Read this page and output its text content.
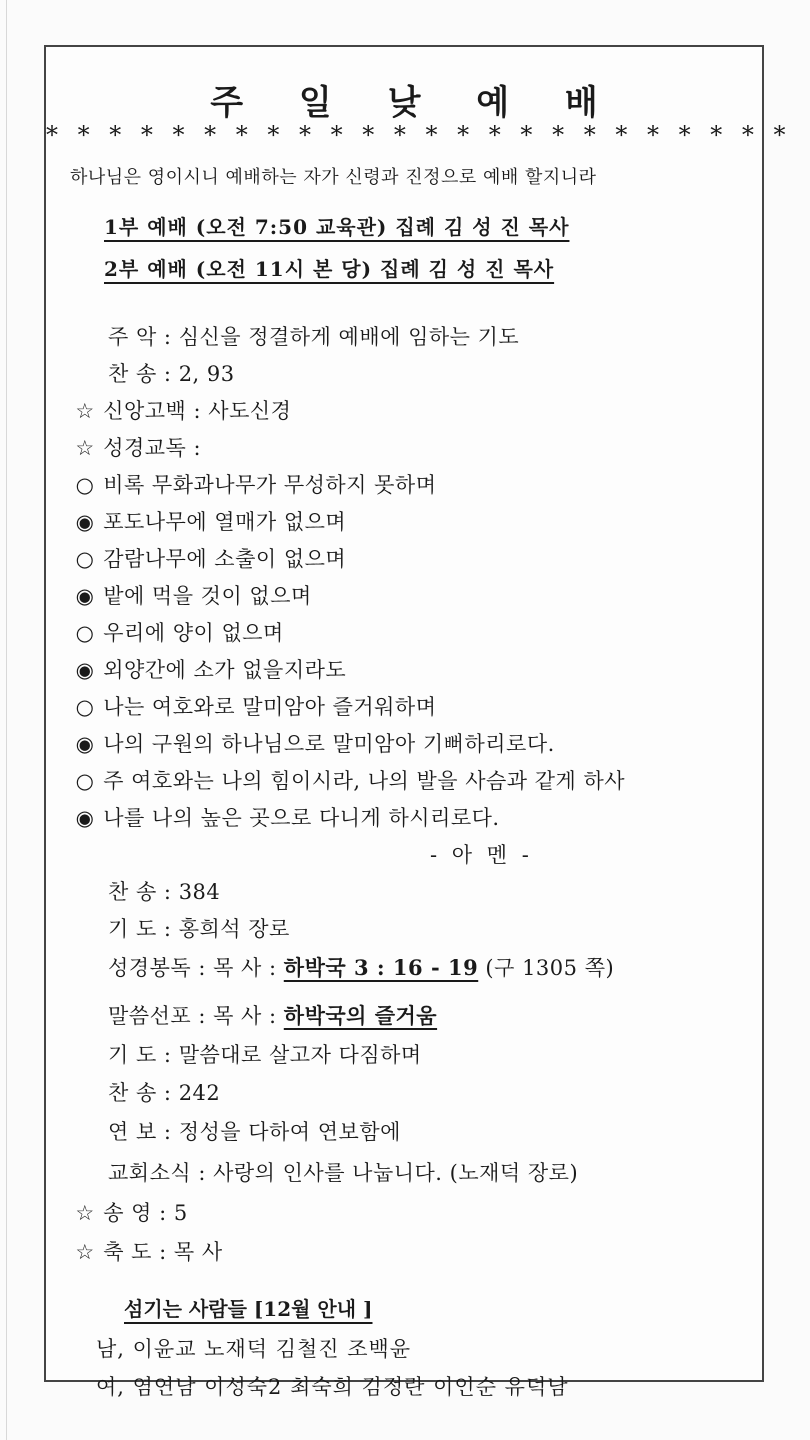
주 일 낮 예 배
* * * * * * * * * * * * * * * * * * * * * * * *
하나님은 영이시니 예배하는 자가 신령과 진정으로 예배 할지니라
1부 예배 (오전 7:50 교육관) 집례 김 성 진 목사
2부 예배 (오전 11시 본 당) 집례 김 성 진 목사
주 악 : 심신을 정결하게 예배에 임하는 기도
찬 송 : 2, 93
☆ 신앙고백 : 사도신경
☆ 성경교독 :
○ 비록 무화과나무가 무성하지 못하며
◉ 포도나무에 열매가 없으며
○ 감람나무에 소출이 없으며
◉ 밭에 먹을 것이 없으며
○ 우리에 양이 없으며
◉ 외양간에 소가 없을지라도
○ 나는 여호와로 말미암아 즐거워하며
◉ 나의 구원의 하나님으로 말미암아 기뻐하리로다.
○ 주 여호와는 나의 힘이시라, 나의 발을 사슴과 같게 하사
◉ 나를 나의 높은 곳으로 다니게 하시리로다.
- 아 멘 -
찬 송 : 384
기 도 : 홍희석 장로
성경봉독 : 목 사 : 하박국 3 : 16 - 19 (구 1305 쪽)
말씀선포 : 목 사 : 하박국의 즐거움
기 도 : 말씀대로 살고자 다짐하며
찬 송 : 242
연 보 : 정성을 다하여 연보함에
교회소식 : 사랑의 인사를 나눕니다. (노재덕 장로)
☆ 송 영 : 5
☆ 축 도 : 목 사
섬기는 사람들 [12월 안내 ]
남, 이윤교 노재덕 김철진 조백윤
여, 염연남 이성숙2 최숙희 김정란 이인순 유덕남
